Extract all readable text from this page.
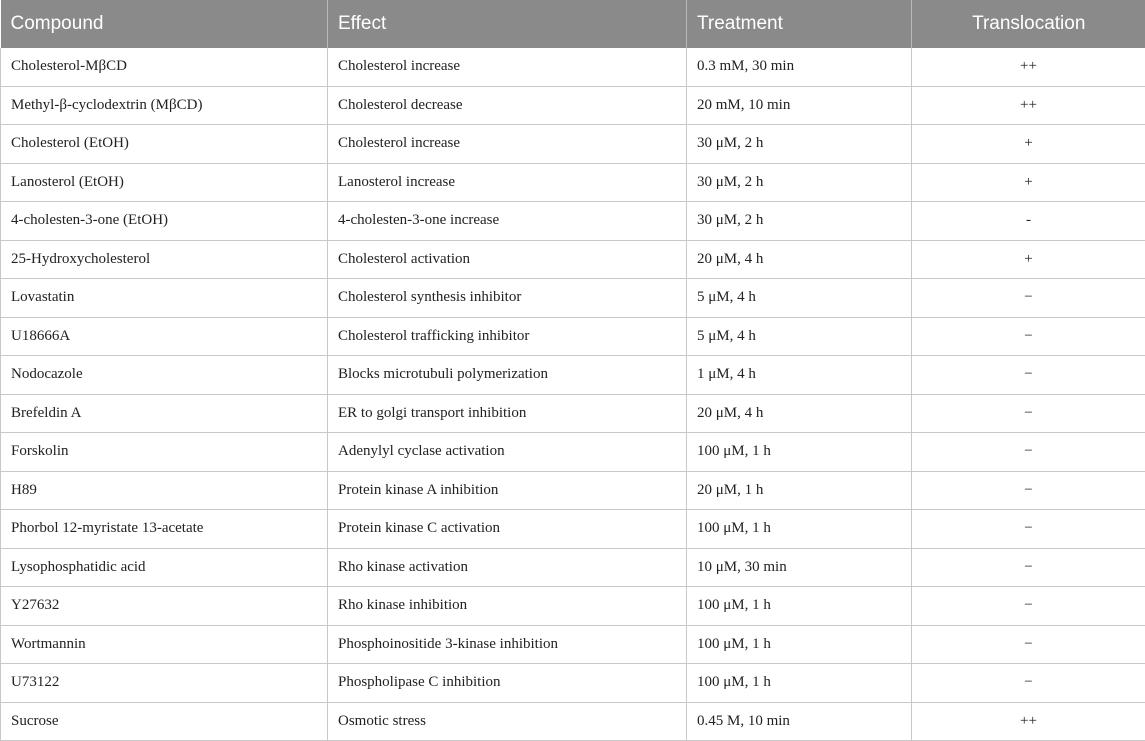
Compound	Effect	Treatment	Translocation
Cholesterol-MβCD	Cholesterol increase	0.3 mM, 30 min	++
Methyl-β-cyclodextrin (MβCD)	Cholesterol decrease	20 mM, 10 min	++
Cholesterol (EtOH)	Cholesterol increase	30 μM, 2 h	+
Lanosterol (EtOH)	Lanosterol increase	30 μM, 2 h	+
4-cholesten-3-one (EtOH)	4-cholesten-3-one increase	30 μM, 2 h	-
25-Hydroxycholesterol	Cholesterol activation	20 μM, 4 h	+
Lovastatin	Cholesterol synthesis inhibitor	5 μM, 4 h	−
U18666A	Cholesterol trafficking inhibitor	5 μM, 4 h	−
Nodocazole	Blocks microtubuli polymerization	1 μM, 4 h	−
Brefeldin A	ER to golgi transport inhibition	20 μM, 4 h	−
Forskolin	Adenylyl cyclase activation	100 μM, 1 h	−
H89	Protein kinase A inhibition	20 μM, 1 h	−
Phorbol 12-myristate 13-acetate	Protein kinase C activation	100 μM, 1 h	−
Lysophosphatidic acid	Rho kinase activation	10 μM, 30 min	−
Y27632	Rho kinase inhibition	100 μM, 1 h	−
Wortmannin	Phosphoinositide 3-kinase inhibition	100 μM, 1 h	−
U73122	Phospholipase C inhibition	100 μM, 1 h	−
Sucrose	Osmotic stress	0.45 M, 10 min	++
